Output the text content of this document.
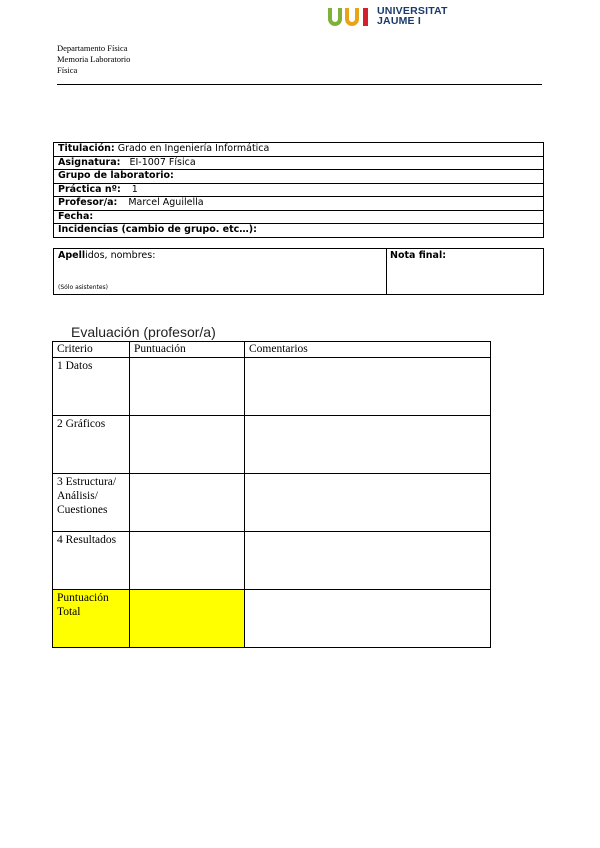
UNIVERSITAT
JAUME I
Departamento Física
Memoria Laboratorio
Física
Titulación: Grado en Ingeniería Informática
Asignatura: EI-1007 Física
Grupo de laboratorio:
Práctica nº: 1
Profesor/a: Marcel Aguilella
Fecha:
Incidencias (cambio de grupo. etc…):
Apellidos, nombres:
(Sólo asistentes)
Nota final:
Evaluación (profesor/a)
Criterio	Puntuación	Comentarios
1 Datos		
2 Gráficos		
3 Estructura/ Análisis/ Cuestiones		
4 Resultados		
Puntuación Total		
